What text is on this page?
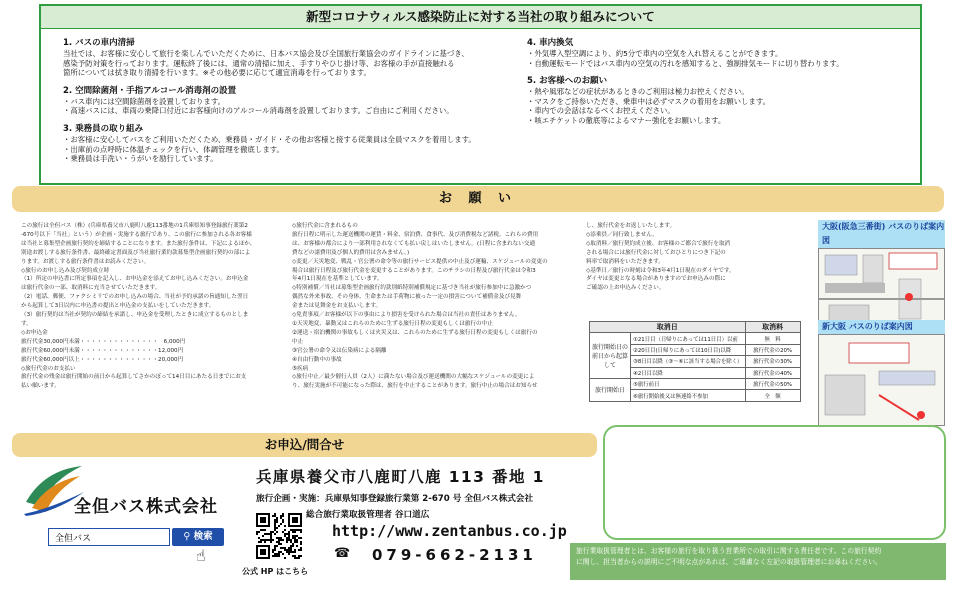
新型コロナウィルス感染防止に対する当社の取り組みについて
1. バスの車内清掃
当社では、お客様に安心して旅行を楽しんでいただくために、日本バス協会及び全国旅行業協会のガイドラインに基づき、
感染予防対策を行っております。運転終了後には、通常の清掃に加え、手すりやひじ掛け等、お客様の手が直接触れる
箇所については拭き取り清掃を行います。※その他必要に応じて適宜消毒を行っております。
2. 空間除菌剤・手指アルコール消毒剤の設置
・バス車内には空間除菌剤を設置しております。
・高速バスには、車両の乗降口付近にお客様向けのアルコール消毒剤を設置しております。ご自由にご利用ください。
3. 乗務員の取り組み
・お客様に安心してバスをご利用いただくため、乗務員・ガイド・その他お客様と接する従業員は全員マスクを着用します。
・出庫前の点呼時に体温チェックを行い、体調管理を徹底します。
・乗務員は手洗い・うがいを励行しています。
4. 車内換気
・外気導入型空調により、約5分で車内の空気を入れ替えることができます。
・自動運転モードではバス車内の空気の汚れを感知すると、強制排気モードに切り替わります。
5. お客様へのお願い
・熱や風邪などの症状があるときのご利用は極力お控えください。
・マスクをご持参いただき、乗車中は必ずマスクの着用をお願いします。
・車内での会話はなるべくお控えください。
・咳エチケットの徹底等によるマナー強化をお願いします。
お 願 い
この旅行は全但バス（株）(兵庫県養父市八鹿町八鹿113番地の1兵庫県知事登録旅行業第2
-670号以下「当社」という）が企画・実施する旅行であり、この旅行に参加される各お客様
は当社と募集型企画旅行契約を締結することになります。また旅行条件は、下記によるほか、
別途お渡しする旅行条件書、最終確定書面及び当社旅行業約款募集型企画旅行契約の部によ
ります。お渡しする旅行条件書はお読みください。
◇旅行のお申し込み及び契約成立時
（1）所定の申込書に所定事項を記入し、お申込金を添えてお申し込みください。お申込金
は旅行代金の一部、取消料に充当させていただきます。
（2）電話、郵便、ファクシミリでのお申し込みの場合、当社が予約承諾の旨通知した翌日
から起算して3日以内に申込書の提出と申込金の支払いをしていただきます。
（3）旅行契約は当社が契約の締結を承諾し、申込金を受理したときに成立するものとしま
す。
◇お申込金
旅行代金30,000円未満・・・・・・・・・・・・・・　6,000円
旅行代金60,000円未満・・・・・・・・・・・・・・12,000円
旅行代金60,000円以上・・・・・・・・・・・・・・20,000円
◇旅行代金のお支払い
旅行代金の残金は旅行開始の前日から起算してさかのぼって14日目にあたる日までにお支
払い願います。
◇旅行代金に含まれるもの
旅行日程に明示した運送機関の運賃・料金、宿泊費、食事代、及び消費税など諸税。これらの費用
は、お客様の都合により一部利用されなくても払い戻しはいたしません。(日程に含まれない交通
費などの諸費用及び個人的費用は含みません。)
◇変更／天災地変、戦乱・官公署の命令等の旅行サービス提供の中止及び運輸、スケジュールの変更の
場合は旅行日程及び旅行代金を変更することがあります。このチラシの日程及び旅行代金は令和3
年4月1日現在を基準としています。
◇特別補償／当社は募集型企画旅行約款別紙特別補償規定に基づき当社が旅行参加中に急激かつ
偶然な外来事故、その身体、生命または手荷物に被った一定の損害について補償金及び見舞
金または見舞金をお支払いします。
◇免責事項／お客様が以下の事由により損害を受けられた場合は当社の責任はありません。
①天災地変、暴動又はこれらのために生ずる旅行日程の変更もしくは旅行の中止
②運送・宿泊機関の事故もしくは火災又は、これらのために生ずる旅行日程の変更もしくは旅行の
中止
③官公署の命令又は伝染病による隔離
④自由行動中の事故
⑤疾病
◇旅行中止／最少催行人員（2人）に満たない場合及び運送機関の大幅なスケジュールの変更によ
り、旅行実施が不可能になった際は、旅行を中止することがあります。旅行中止の場合はお知らせ
し、旅行代金をお返しいたします。
◇添乗員／同行致しません。
◇取消料／旅行契約成立後、お客様のご都合で旅行を取消
される場合には旅行代金に対しておひとりにつき下記の
料率で取消料をいただきます。
◇基準日／旅行の時刻は令和3年4月1日現在のダイヤです。
ダイヤは変更となる場合がありますのでお申込みの際に
ご確認の上お申込みください。
取消日		取消料
旅行開始日の前日から起算して	①21日目（日帰りにあっては11日目）以前	無　料
	②20日目(日帰りにあっては10日目)以降	旅行代金の20%
	③8日目以降（③～⑥に該当する場合を除く）	旅行代金の30%
	④2日目以降	旅行代金の40%
旅行開始日	⑤旅行前日	旅行代金の50%
	⑥旅行開始後又は無連絡不参加	全　額
大阪(阪急三番街) バスのりば案内図
新大阪 バスのりば案内図
お申込/問合せ
全但バス株式会社
全但バス
⚲ 検索
☝
公式 HP はこちら
兵庫県養父市八鹿町八鹿 113 番地 1
旅行企画・実施：兵庫県知事登録旅行業第 2-670 号 全但バス株式会社
総合旅行業取扱管理者 谷口道広
http://www.zentanbus.co.jp
☎ 079-662-2131	旅行業取扱管理者とは、お客様の旅行を取り扱う営業所での取引に関する責任者です。この旅行契約
に関し、担当者からの説明にご不明な点があれば、ご遠慮なく左記の取扱管理者にお尋ねください。
